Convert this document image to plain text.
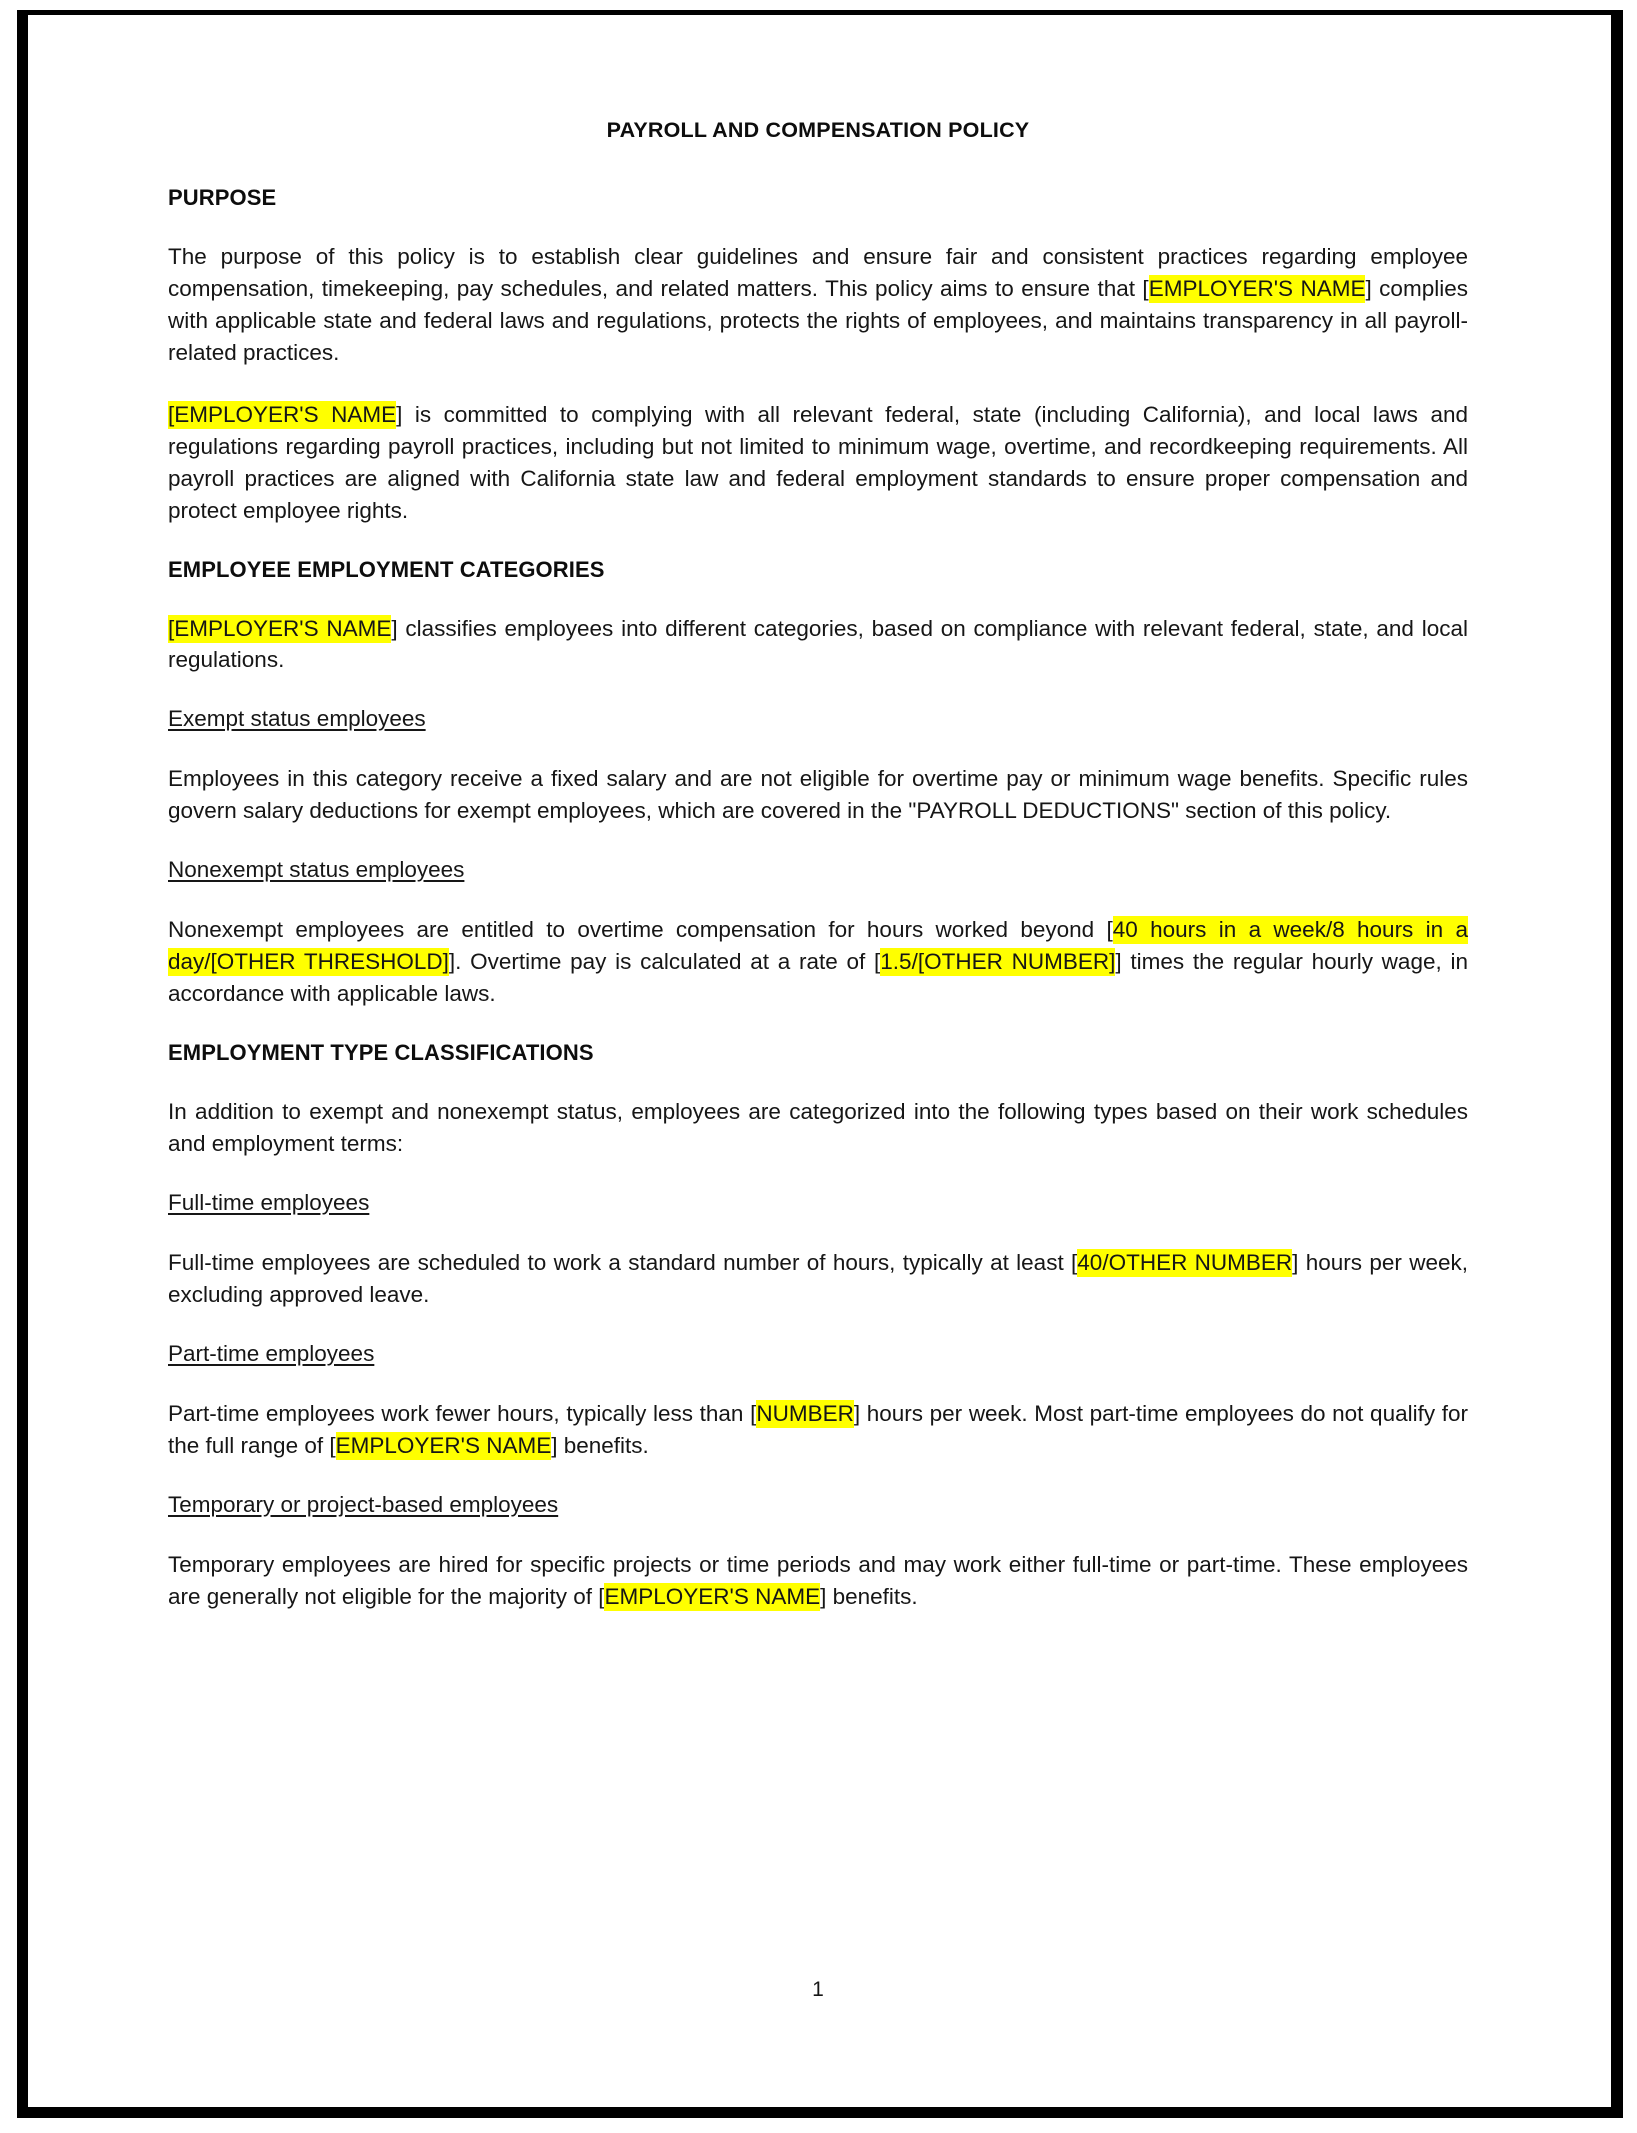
PAYROLL AND COMPENSATION POLICY
PURPOSE

The purpose of this policy is to establish clear guidelines and ensure fair and consistent practices regarding employee compensation, timekeeping, pay schedules, and related matters. This policy aims to ensure that [EMPLOYER'S NAME] complies with applicable state and federal laws and regulations, protects the rights of employees, and maintains transparency in all payroll-related practices.

[EMPLOYER'S NAME] is committed to complying with all relevant federal, state (including California), and local laws and regulations regarding payroll practices, including but not limited to minimum wage, overtime, and recordkeeping requirements. All payroll practices are aligned with California state law and federal employment standards to ensure proper compensation and protect employee rights.

EMPLOYEE EMPLOYMENT CATEGORIES

[EMPLOYER'S NAME] classifies employees into different categories, based on compliance with relevant federal, state, and local regulations.

Exempt status employees

Employees in this category receive a fixed salary and are not eligible for overtime pay or minimum wage benefits. Specific rules govern salary deductions for exempt employees, which are covered in the "PAYROLL DEDUCTIONS" section of this policy.

Nonexempt status employees

Nonexempt employees are entitled to overtime compensation for hours worked beyond [40 hours in a week/8 hours in a day/[OTHER THRESHOLD]]. Overtime pay is calculated at a rate of [1.5/[OTHER NUMBER]] times the regular hourly wage, in accordance with applicable laws.

EMPLOYMENT TYPE CLASSIFICATIONS

In addition to exempt and nonexempt status, employees are categorized into the following types based on their work schedules and employment terms:

Full-time employees

Full-time employees are scheduled to work a standard number of hours, typically at least [40/OTHER NUMBER] hours per week, excluding approved leave.

Part-time employees

Part-time employees work fewer hours, typically less than [NUMBER] hours per week. Most part-time employees do not qualify for the full range of [EMPLOYER'S NAME] benefits.

Temporary or project-based employees

Temporary employees are hired for specific projects or time periods and may work either full-time or part-time. These employees are generally not eligible for the majority of [EMPLOYER'S NAME] benefits.

1
